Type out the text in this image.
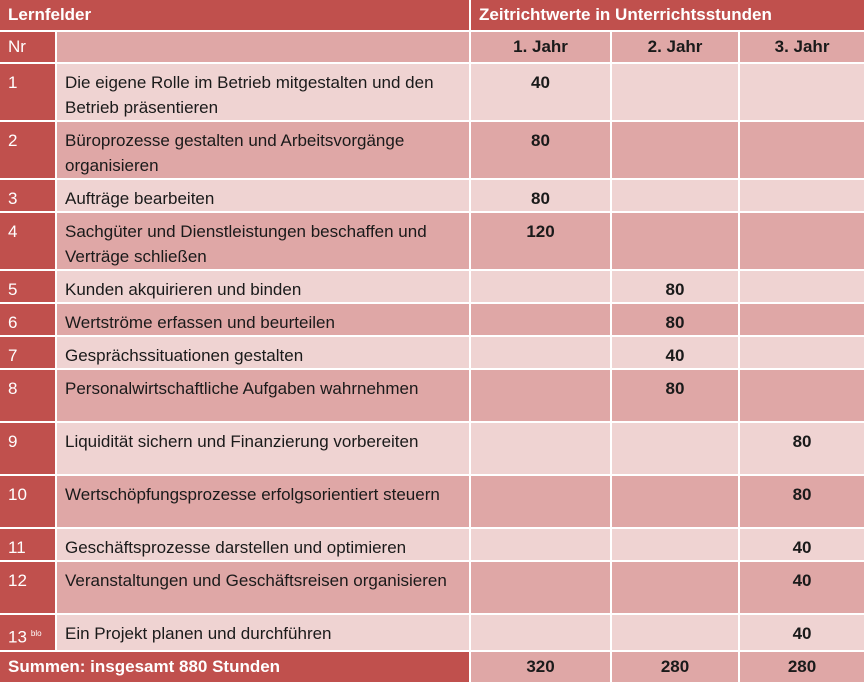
Lernfelder		Zeitrichtwerte in Unterrichtsstunden		
Nr		1. Jahr	2. Jahr	3. Jahr
1	Die eigene Rolle im Betrieb mitgestalten und den Betrieb präsentieren	40		
2	Büroprozesse gestalten und Arbeitsvorgänge organisieren	80		
3	Aufträge bearbeiten	80		
4	Sachgüter und Dienstleistungen beschaffen und Verträge schließen	120		
5	Kunden akquirieren und binden		80	
6	Wertströme erfassen und beurteilen		80	
7	Gesprächssituationen gestalten		40	
8	Personalwirtschaftliche Aufgaben wahrnehmen		80	
9	Liquidität sichern und Finanzierung vorbereiten			80
10	Wertschöpfungsprozesse erfolgsorientiert steuern			80
11	Geschäftsprozesse darstellen und optimieren			40
12	Veranstaltungen und Geschäftsreisen organisieren			40
13 $^{blo}$	Ein Projekt planen und durchführen			40
Summen: insgesamt 880 Stunden		320	280	280
